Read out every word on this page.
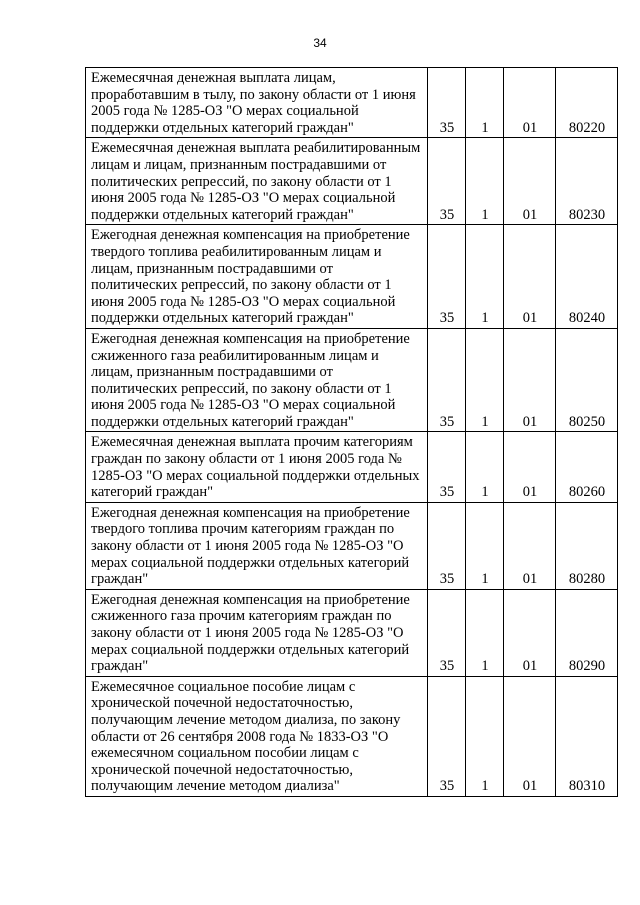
34
Ежемесячная денежная выплата лицам, проработавшим в тылу, по закону области от 1 июня 2005 года № 1285-ОЗ "О мерах социальной поддержки отдельных категорий граждан"	35	1	01	80220

Ежемесячная денежная выплата реабилитированным лицам и лицам, признанным пострадавшими от политических репрессий, по закону области от 1 июня 2005 года № 1285-ОЗ "О мерах социальной поддержки отдельных категорий граждан"	35	1	01	80230

Ежегодная денежная компенсация на приобретение твердого топлива реабилитированным лицам и лицам, признанным пострадавшими от политических репрессий, по закону области от 1 июня 2005 года № 1285-ОЗ "О мерах социальной поддержки отдельных категорий граждан"	35	1	01	80240

Ежегодная денежная компенсация на приобретение сжиженного газа реабилитированным лицам и лицам, признанным пострадавшими от политических репрессий, по закону области от 1 июня 2005 года № 1285-ОЗ "О мерах социальной поддержки отдельных категорий граждан"	35	1	01	80250

Ежемесячная денежная выплата прочим категориям граждан по закону области от 1 июня 2005 года № 1285-ОЗ "О мерах социальной поддержки отдельных категорий граждан"	35	1	01	80260

Ежегодная денежная компенсация на приобретение твердого топлива прочим категориям граждан по закону области от 1 июня 2005 года № 1285-ОЗ "О мерах социальной поддержки отдельных категорий граждан"	35	1	01	80280

Ежегодная денежная компенсация на приобретение сжиженного газа прочим категориям граждан по закону области от 1 июня 2005 года № 1285-ОЗ "О мерах социальной поддержки отдельных категорий граждан"	35	1	01	80290

Ежемесячное социальное пособие лицам с хронической почечной недостаточностью, получающим лечение методом диализа, по закону области от 26 сентября 2008 года № 1833-ОЗ "О ежемесячном социальном пособии лицам с хронической почечной недостаточностью, получающим лечение методом диализа"	35	1	01	80310
